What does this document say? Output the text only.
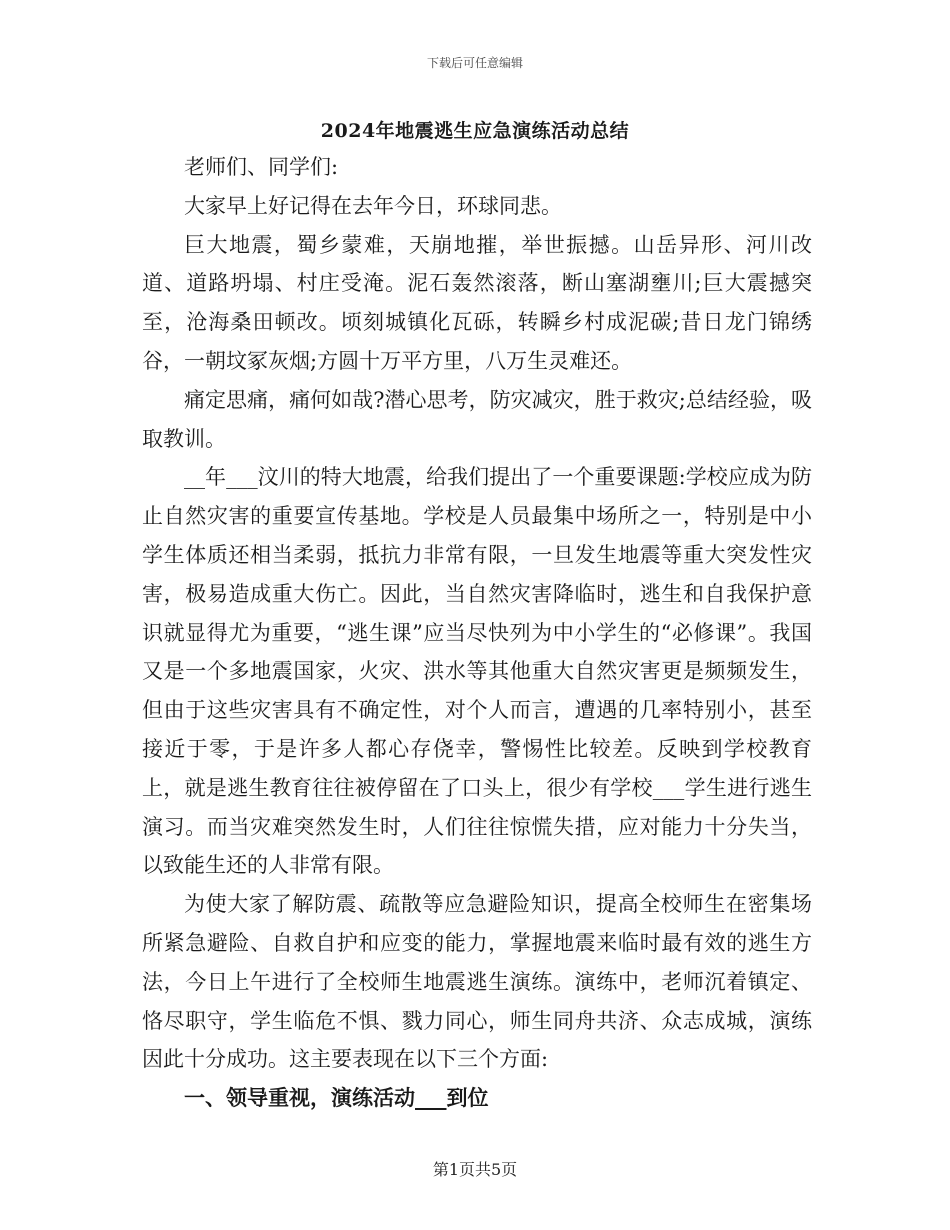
下载后可任意编辑
2024年地震逃生应急演练活动总结

老师们、同学们:

大家早上好记得在去年今日，环球同悲。

巨大地震，蜀乡蒙难，天崩地摧，举世振撼。山岳异形、河川改道、道路坍塌、村庄受淹。泥石轰然滚落，断山塞湖壅川;巨大震撼突至，沧海桑田顿改。顷刻城镇化瓦砾，转瞬乡村成泥碳;昔日龙门锦绣谷，一朝坟冢灰烟;方圆十万平方里，八万生灵难还。

痛定思痛，痛何如哉?潜心思考，防灾减灾，胜于救灾;总结经验，吸取教训。

__年___汶川的特大地震，给我们提出了一个重要课题:学校应成为防止自然灾害的重要宣传基地。学校是人员最集中场所之一，特别是中小学生体质还相当柔弱，抵抗力非常有限，一旦发生地震等重大突发性灾害，极易造成重大伤亡。因此，当自然灾害降临时，逃生和自我保护意识就显得尤为重要，“逃生课”应当尽快列为中小学生的“必修课”。我国又是一个多地震国家，火灾、洪水等其他重大自然灾害更是频频发生，但由于这些灾害具有不确定性，对个人而言，遭遇的几率特别小，甚至接近于零，于是许多人都心存侥幸，警惕性比较差。反映到学校教育上，就是逃生教育往往被停留在了口头上，很少有学校___学生进行逃生演习。而当灾难突然发生时，人们往往惊慌失措，应对能力十分失当，以致能生还的人非常有限。

为使大家了解防震、疏散等应急避险知识，提高全校师生在密集场所紧急避险、自救自护和应变的能力，掌握地震来临时最有效的逃生方法，今日上午进行了全校师生地震逃生演练。演练中，老师沉着镇定、恪尽职守，学生临危不惧、戮力同心，师生同舟共济、众志成城，演练因此十分成功。这主要表现在以下三个方面:

一、领导重视，演练活动___到位

第1页共5页
